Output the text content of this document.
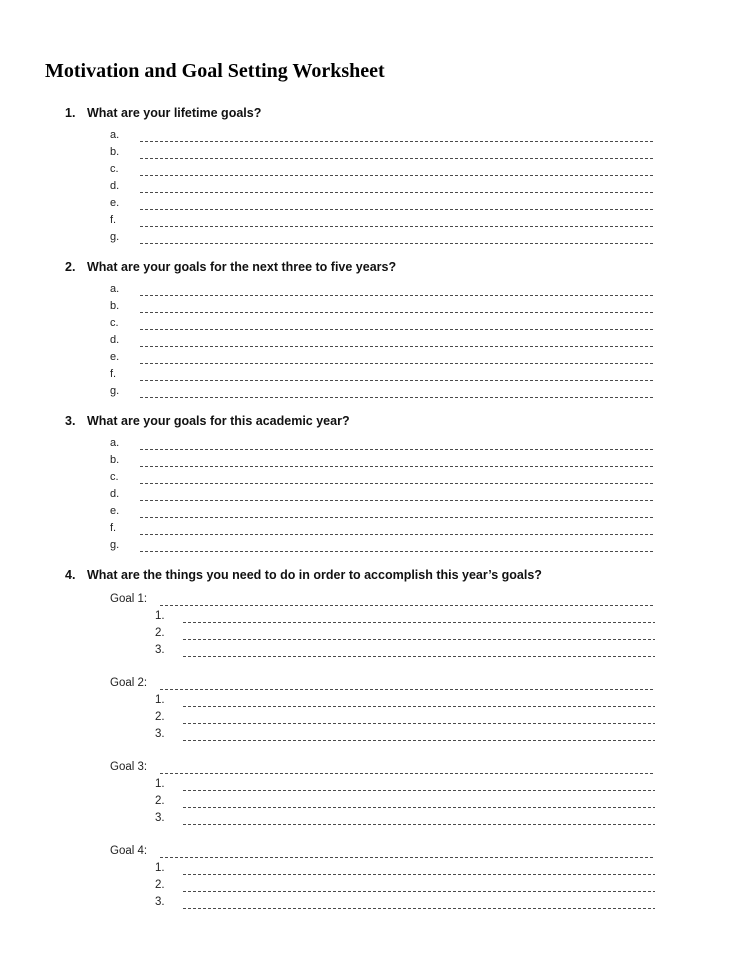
Motivation and Goal Setting Worksheet
1. What are your lifetime goals?
a.
b.
c.
d.
e.
f.
g.
2. What are your goals for the next three to five years?
a.
b.
c.
d.
e.
f.
g.
3. What are your goals for this academic year?
a.
b.
c.
d.
e.
f.
g.
4. What are the things you need to do in order to accomplish this year’s goals?
Goal 1:
1.
2.
3.
Goal 2:
1.
2.
3.
Goal 3:
1.
2.
3.
Goal 4:
1.
2.
3.
